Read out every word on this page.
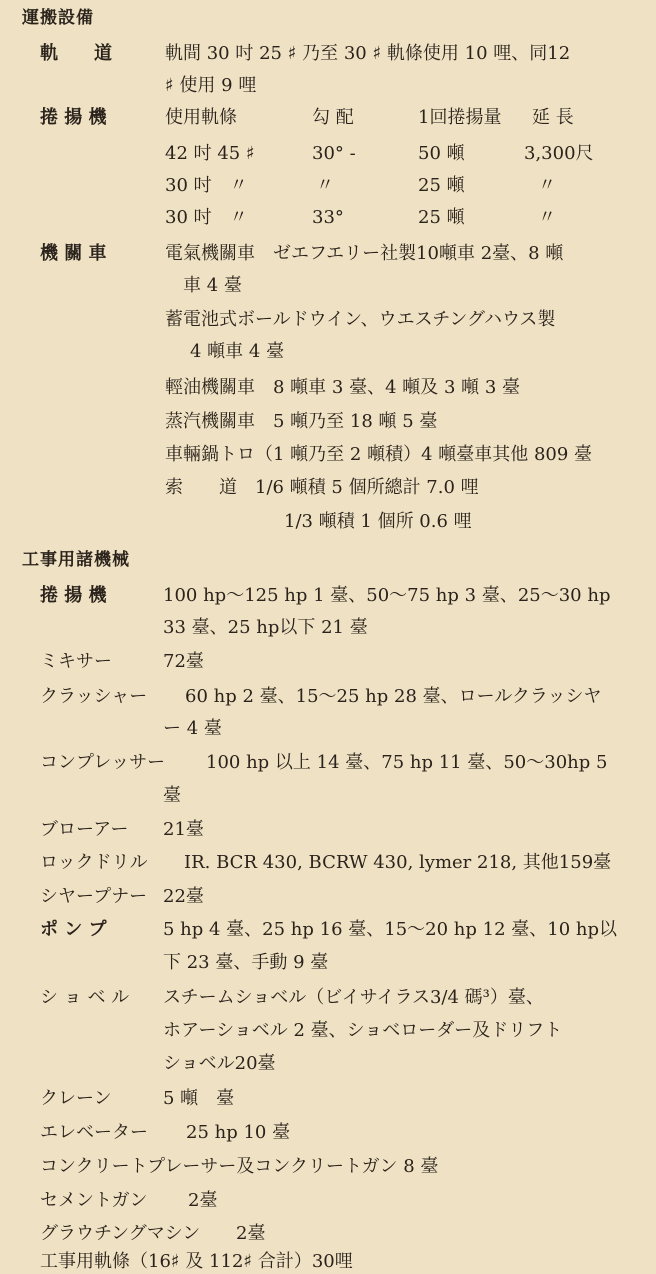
運搬設備
軌　　道	軌間 30 吋 25 ♯ 乃至 30 ♯ 軌條使用 10 哩、同12
♯ 使用 9 哩
捲 揚 機	使用軌條	勾 配	1回捲揚量 延 長
42 吋 45 ♯	30° -	50 噸	3,300尺
30 吋　〃	〃	25 噸	〃
30 吋　〃	33°	25 噸	〃
機 關 車	電氣機關車　ゼエフエリー社製10噸車 2臺、8 噸
車 4 臺
蓄電池式ボールドウイン、ウエスチングハウス製
4 噸車 4 臺
輕油機關車　8 噸車 3 臺、4 噸及 3 噸 3 臺
蒸汽機關車　5 噸乃至 18 噸 5 臺
車輛鍋トロ（1 噸乃至 2 噸積）4 噸臺車其他 809 臺
索　　道　1/6 噸積 5 個所總計 7.0 哩
1/3 噸積 1 個所 0.6 哩
工事用諸機械
捲 揚 機	100 hp～125 hp 1 臺、50～75 hp 3 臺、25～30 hp
33 臺、25 hp以下 21 臺
ミキサー	72臺
クラッシャー 60 hp 2 臺、15～25 hp 28 臺、ロールクラッシヤ
ー 4 臺
コンプレッサー 100 hp 以上 14 臺、75 hp 11 臺、50～30hp 5
臺
ブローアー 21臺
ロックドリル IR. BCR 430, BCRW 430, lymer 218, 其他159臺
シヤープナー 22臺
ポ ン プ	5 hp 4 臺、25 hp 16 臺、15～20 hp 12 臺、10 hp以
下 23 臺、手動 9 臺
シ ョ ベ ル スチームショベル（ビイサイラス3/4 碼³）臺、
ホアーショベル 2 臺、ショベローダー及ドリフト
ショベル20臺
クレーン	5 噸　臺
エレベーター 25 hp 10 臺
コンクリートプレーサー及コンクリートガン 8 臺
セメントガン 2臺
グラウチングマシン 2臺
工事用軌條（16♯ 及 112♯ 合計）30哩
